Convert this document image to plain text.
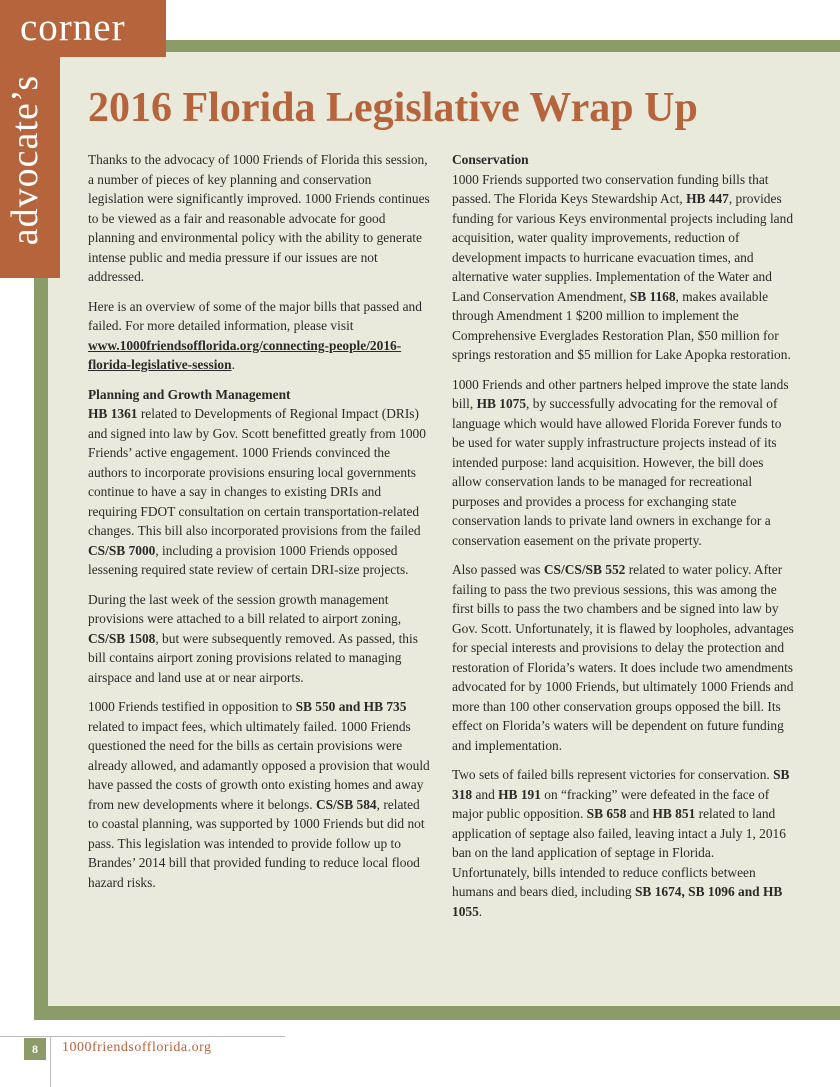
corner
advocate’s 2016 Florida Legislative Wrap Up

Thanks to the advocacy of 1000 Friends of Florida this session, a number of pieces of key planning and conservation legislation were significantly improved. 1000 Friends continues to be viewed as a fair and reasonable advocate for good planning and environmental policy with the ability to generate intense public and media pressure if our issues are not addressed.

Here is an overview of some of the major bills that passed and failed. For more detailed information, please visit www.1000friendsofflorida.org/connecting-people/2016-florida-legislative-session.

Planning and Growth Management

HB 1361 related to Developments of Regional Impact (DRIs) and signed into law by Gov. Scott benefitted greatly from 1000 Friends’ active engagement. 1000 Friends convinced the authors to incorporate provisions ensuring local governments continue to have a say in changes to existing DRIs and requiring FDOT consultation on certain transportation-related changes. This bill also incorporated provisions from the failed CS/SB 7000, including a provision 1000 Friends opposed lessening required state review of certain DRI-size projects.

During the last week of the session growth management provisions were attached to a bill related to airport zoning, CS/SB 1508, but were subsequently removed. As passed, this bill contains airport zoning provisions related to managing airspace and land use at or near airports.

1000 Friends testified in opposition to SB 550 and HB 735 related to impact fees, which ultimately failed. 1000 Friends questioned the need for the bills as certain provisions were already allowed, and adamantly opposed a provision that would have passed the costs of growth onto existing homes and away from new developments where it belongs. CS/SB 584, related to coastal planning, was supported by 1000 Friends but did not pass. This legislation was intended to provide follow up to Brandes’ 2014 bill that provided funding to reduce local flood hazard risks.

Conservation

1000 Friends supported two conservation funding bills that passed. The Florida Keys Stewardship Act, HB 447, provides funding for various Keys environmental projects including land acquisition, water quality improvements, reduction of development impacts to hurricane evacuation times, and alternative water supplies. Implementation of the Water and Land Conservation Amendment, SB 1168, makes available through Amendment 1 $200 million to implement the Comprehensive Everglades Restoration Plan, $50 million for springs restoration and $5 million for Lake Apopka restoration.

1000 Friends and other partners helped improve the state lands bill, HB 1075, by successfully advocating for the removal of language which would have allowed Florida Forever funds to be used for water supply infrastructure projects instead of its intended purpose: land acquisition. However, the bill does allow conservation lands to be managed for recreational purposes and provides a process for exchanging state conservation lands to private land owners in exchange for a conservation easement on the private property.

Also passed was CS/CS/SB 552 related to water policy. After failing to pass the two previous sessions, this was among the first bills to pass the two chambers and be signed into law by Gov. Scott. Unfortunately, it is flawed by loopholes, advantages for special interests and provisions to delay the protection and restoration of Florida’s waters. It does include two amendments advocated for by 1000 Friends, but ultimately 1000 Friends and more than 100 other conservation groups opposed the bill. Its effect on Florida’s waters will be dependent on future funding and implementation.

Two sets of failed bills represent victories for conservation. SB 318 and HB 191 on “fracking” were defeated in the face of major public opposition. SB 658 and HB 851 related to land application of septage also failed, leaving intact a July 1, 2016 ban on the land application of septage in Florida. Unfortunately, bills intended to reduce conflicts between humans and bears died, including SB 1674, SB 1096 and HB 1055.

8	1000friendsofflorida.org
